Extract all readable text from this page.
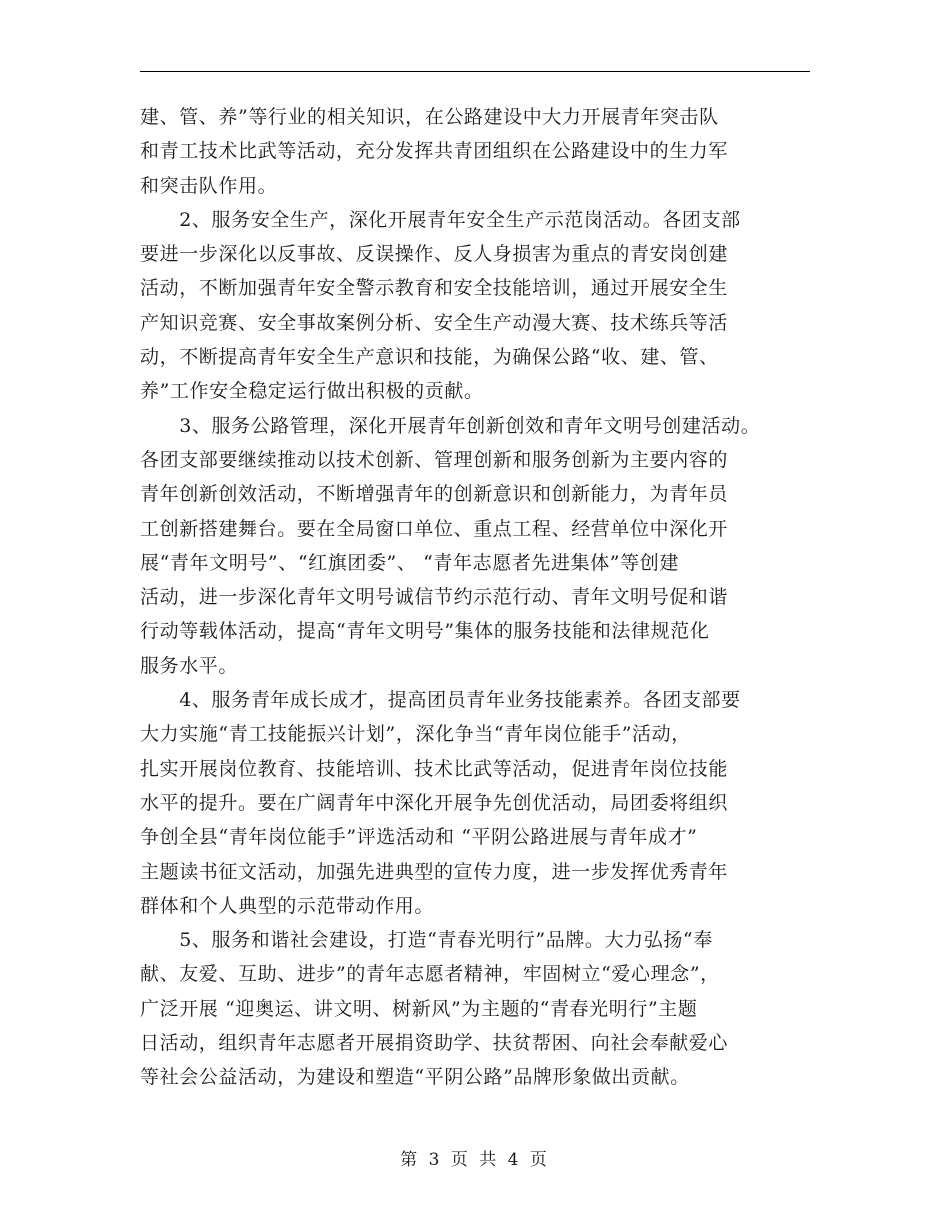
建、管、养”等行业的相关知识，在公路建设中大力开展青年突击队
和青工技术比武等活动，充分发挥共青团组织在公路建设中的生力军
和突击队作用。
　　2、服务安全生产，深化开展青年安全生产示范岗活动。各团支部
要进一步深化以反事故、反误操作、反人身损害为重点的青安岗创建
活动，不断加强青年安全警示教育和安全技能培训，通过开展安全生
产知识竞赛、安全事故案例分析、安全生产动漫大赛、技术练兵等活
动，不断提高青年安全生产意识和技能，为确保公路“收、建、管、
养”工作安全稳定运行做出积极的贡献。
　　3、服务公路管理，深化开展青年创新创效和青年文明号创建活动。
各团支部要继续推动以技术创新、管理创新和服务创新为主要内容的
青年创新创效活动，不断增强青年的创新意识和创新能力，为青年员
工创新搭建舞台。要在全局窗口单位、重点工程、经营单位中深化开
展“青年文明号”、“红旗团委”、 “青年志愿者先进集体”等创建
活动，进一步深化青年文明号诚信节约示范行动、青年文明号促和谐
行动等载体活动，提高“青年文明号”集体的服务技能和法律规范化
服务水平。
　　4、服务青年成长成才，提高团员青年业务技能素养。各团支部要
大力实施“青工技能振兴计划”，深化争当“青年岗位能手”活动，
扎实开展岗位教育、技能培训、技术比武等活动，促进青年岗位技能
水平的提升。要在广阔青年中深化开展争先创优活动，局团委将组织
争创全县“青年岗位能手”评选活动和 “平阴公路进展与青年成才”
主题读书征文活动，加强先进典型的宣传力度，进一步发挥优秀青年
群体和个人典型的示范带动作用。
　　5、服务和谐社会建设，打造“青春光明行”品牌。大力弘扬“奉
献、友爱、互助、进步”的青年志愿者精神，牢固树立“爱心理念”，
广泛开展 “迎奥运、讲文明、树新风”为主题的“青春光明行”主题
日活动，组织青年志愿者开展捐资助学、扶贫帮困、向社会奉献爱心
等社会公益活动，为建设和塑造“平阴公路”品牌形象做出贡献。
第 3 页 共 4 页
